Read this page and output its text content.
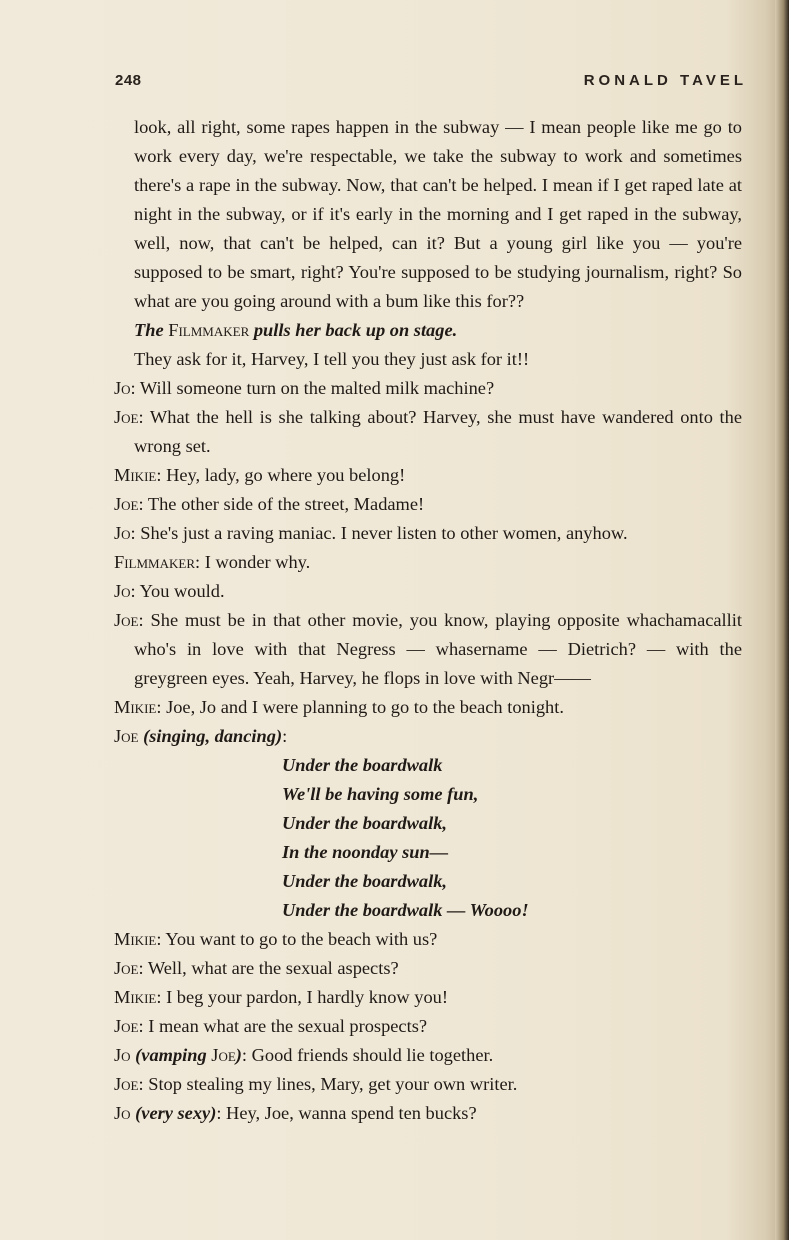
248	RONALD TAVEL

look, all right, some rapes happen in the subway — I mean people like me go to work every day, we're respectable, we take the subway to work and sometimes there's a rape in the subway. Now, that can't be helped. I mean if I get raped late at night in the subway, or if it's early in the morning and I get raped in the subway, well, now, that can't be helped, can it? But a young girl like you — you're supposed to be smart, right? You're supposed to be studying journalism, right? So what are you going around with a bum like this for??

The Filmmaker pulls her back up on stage.

They ask for it, Harvey, I tell you they just ask for it!!

Jo: Will someone turn on the malted milk machine?

Joe: What the hell is she talking about? Harvey, she must have wandered onto the wrong set.

Mikie: Hey, lady, go where you belong!

Joe: The other side of the street, Madame!

Jo: She's just a raving maniac. I never listen to other women, anyhow.

Filmmaker: I wonder why.

Jo: You would.

Joe: She must be in that other movie, you know, playing opposite whachamacallit who's in love with that Negress — whasername — Dietrich? — with the greygreen eyes. Yeah, Harvey, he flops in love with Negr——

Mikie: Joe, Jo and I were planning to go to the beach tonight.

Joe (singing, dancing):

Under the boardwalk

We'll be having some fun,

Under the boardwalk,

In the noonday sun—

Under the boardwalk,

Under the boardwalk — Woooo!

Mikie: You want to go to the beach with us?

Joe: Well, what are the sexual aspects?

Mikie: I beg your pardon, I hardly know you!

Joe: I mean what are the sexual prospects?

Jo (vamping Joe): Good friends should lie together.

Joe: Stop stealing my lines, Mary, get your own writer.

Jo (very sexy): Hey, Joe, wanna spend ten bucks?
